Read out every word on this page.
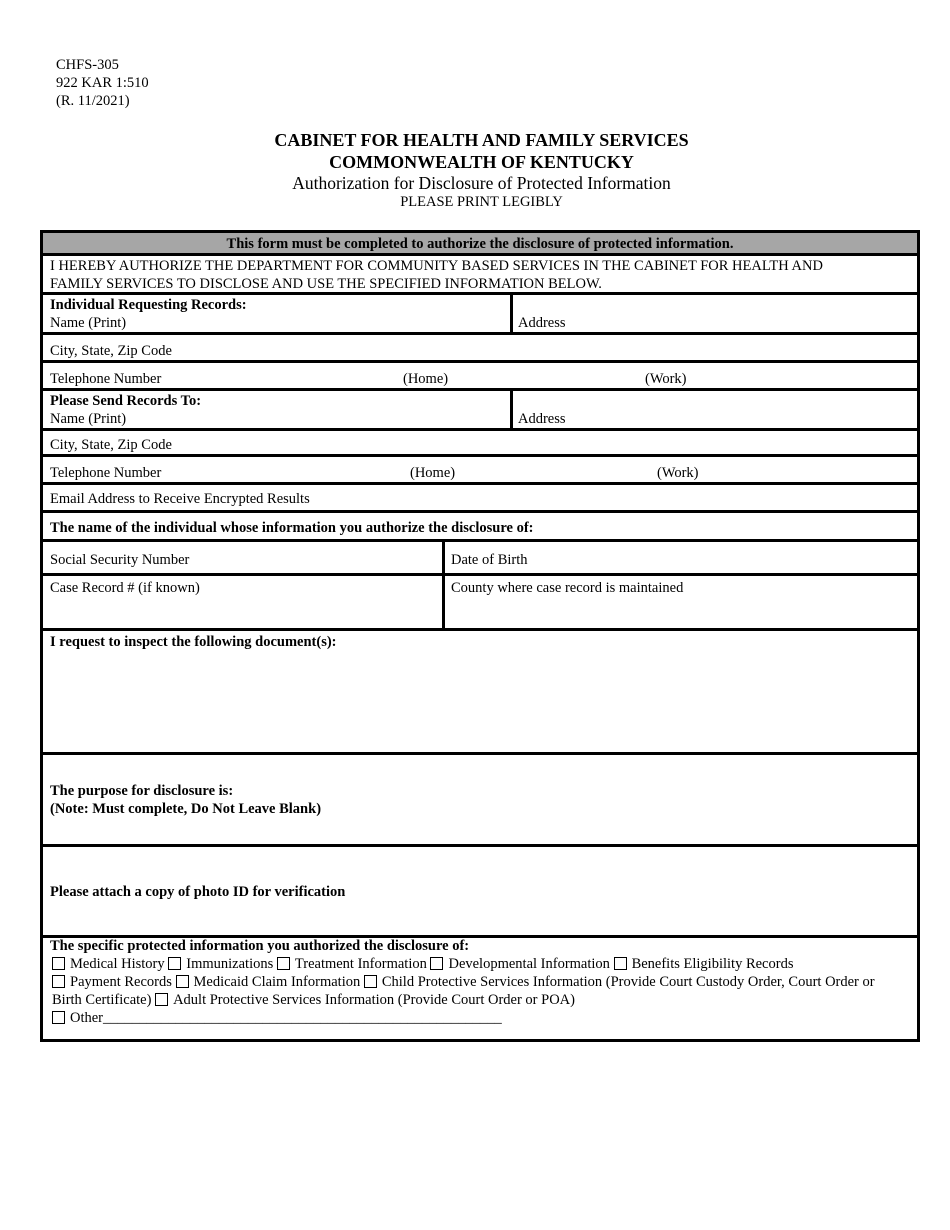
CHFS-305
922 KAR 1:510
(R. 11/2021)
CABINET FOR HEALTH AND FAMILY SERVICES
COMMONWEALTH OF KENTUCKY
Authorization for Disclosure of Protected Information
PLEASE PRINT LEGIBLY
This form must be completed to authorize the disclosure of protected information.
I HEREBY AUTHORIZE THE DEPARTMENT FOR COMMUNITY BASED SERVICES IN THE CABINET FOR HEALTH AND
FAMILY SERVICES TO DISCLOSE AND USE THE SPECIFIED INFORMATION BELOW.
Individual Requesting Records:
Name (Print)	Address
City, State, Zip Code
Telephone Number	(Home)	(Work)
Please Send Records To:
Name (Print)	Address
City, State, Zip Code
Telephone Number	(Home)	(Work)
Email Address to Receive Encrypted Results
The name of the individual whose information you authorize the disclosure of:
Social Security Number	Date of Birth
Case Record # (if known)	County where case record is maintained
I request to inspect the following document(s):
The purpose for disclosure is:
(Note: Must complete, Do Not Leave Blank)
Please attach a copy of photo ID for verification
The specific protected information you authorized the disclosure of:
Medical History Immunizations Treatment Information Developmental Information Benefits Eligibility Records Payment Records Medicaid Claim Information Child Protective Services Information (Provide Court Custody Order, Court Order or Birth Certificate) Adult Protective Services Information (Provide Court Order or POA)
Other_______________________________________________________
